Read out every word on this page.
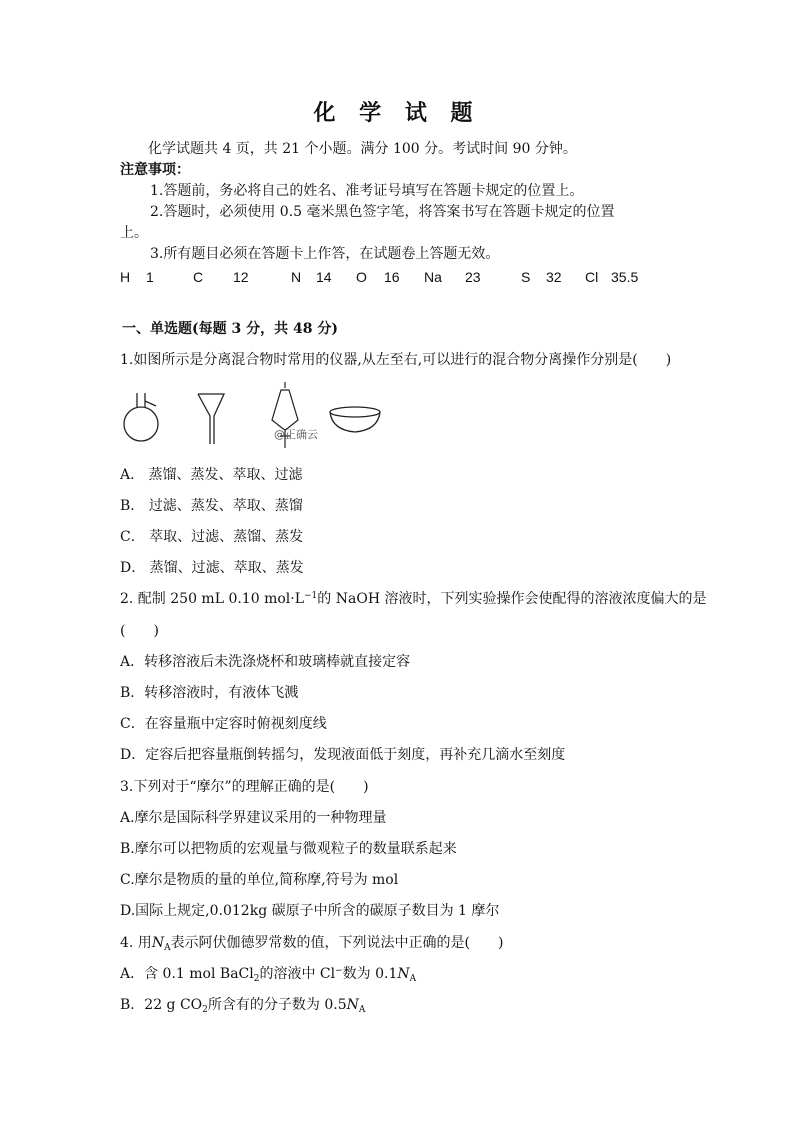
化 学 试 题
化学试题共 4 页，共 21 个小题。满分 100 分。考试时间 90 分钟。
注意事项：
1.答题前，务必将自己的姓名、准考证号填写在答题卡规定的位置上。
2.答题时，必须使用 0.5 毫米黑色签字笔，将答案书写在答题卡规定的位置
上。
3.所有题目必须在答题卡上作答，在试题卷上答题无效。
H 1	C 12	N 14 O 16 Na 23	S 32 Cl 35.5
一、单选题(每题 3 分，共 48 分)
1.如图所示是分离混合物时常用的仪器,从左至右,可以进行的混合物分离操作分别是(　　)
@正确云
A． 蒸馏、蒸发、萃取、过滤
B． 过滤、蒸发、萃取、蒸馏
C． 萃取、过滤、蒸馏、蒸发
D． 蒸馏、过滤、萃取、蒸发
2. 配制 250 mL 0.10 $mol\cdot L^{-1}$的 NaOH 溶液时，下列实验操作会使配得的溶液浓度偏大的是
(　　)
A．转移溶液后未洗涤烧杯和玻璃棒就直接定容
B．转移溶液时，有液体飞溅
C．在容量瓶中定容时俯视刻度线
D．定容后把容量瓶倒转摇匀，发现液面低于刻度，再补充几滴水至刻度
3.下列对于“摩尔”的理解正确的是(　　)
A.摩尔是国际科学界建议采用的一种物理量
B.摩尔可以把物质的宏观量与微观粒子的数量联系起来
C.摩尔是物质的量的单位,简称摩,符号为 mol
D.国际上规定,0.012kg 碳原子中所含的碳原子数目为 1 摩尔
4. 用$N_A$表示阿伏伽德罗常数的值，下列说法中正确的是(　　)
A．含 0.1 mol BaCl$_2$的溶液中 Cl−数为 $0.1N_A$
B．22 g $CO_2$所含有的分子数为 $0.5N_A$
